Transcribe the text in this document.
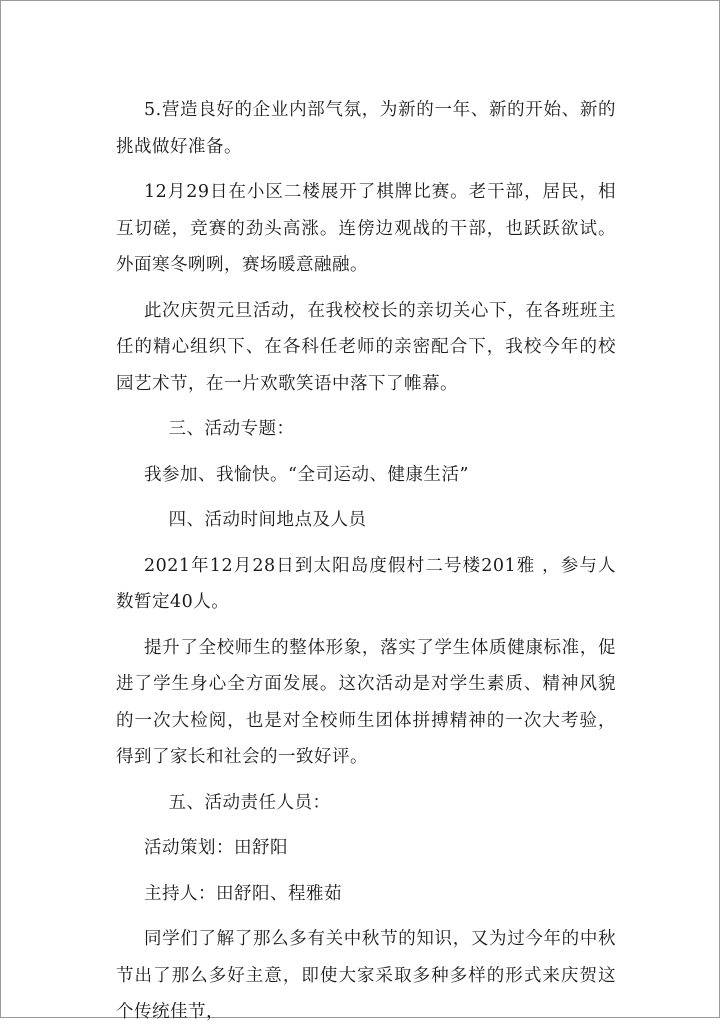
5.营造良好的企业内部气氛，为新的一年、新的开始、新的挑战做好准备。

12月29日在小区二楼展开了棋牌比赛。老干部，居民，相互切磋，竞赛的劲头高涨。连傍边观战的干部，也跃跃欲试。外面寒冬咧咧，赛场暖意融融。

此次庆贺元旦活动，在我校校长的亲切关心下，在各班班主任的精心组织下、在各科任老师的亲密配合下，我校今年的校园艺术节，在一片欢歌笑语中落下了帷幕。

三、活动专题：

我参加、我愉快。“全司运动、健康生活”

四、活动时间地点及人员

2021年12月28日到太阳岛度假村二号楼201雅 ，参与人数暂定40人。

提升了全校师生的整体形象，落实了学生体质健康标准，促进了学生身心全方面发展。这次活动是对学生素质、精神风貌的一次大检阅，也是对全校师生团体拼搏精神的一次大考验，得到了家长和社会的一致好评。

五、活动责任人员：

活动策划：田舒阳

主持人：田舒阳、程雅茹

同学们了解了那么多有关中秋节的知识，又为过今年的中秋节出了那么多好主意，即使大家采取多种多样的形式来庆贺这个传统佳节，
